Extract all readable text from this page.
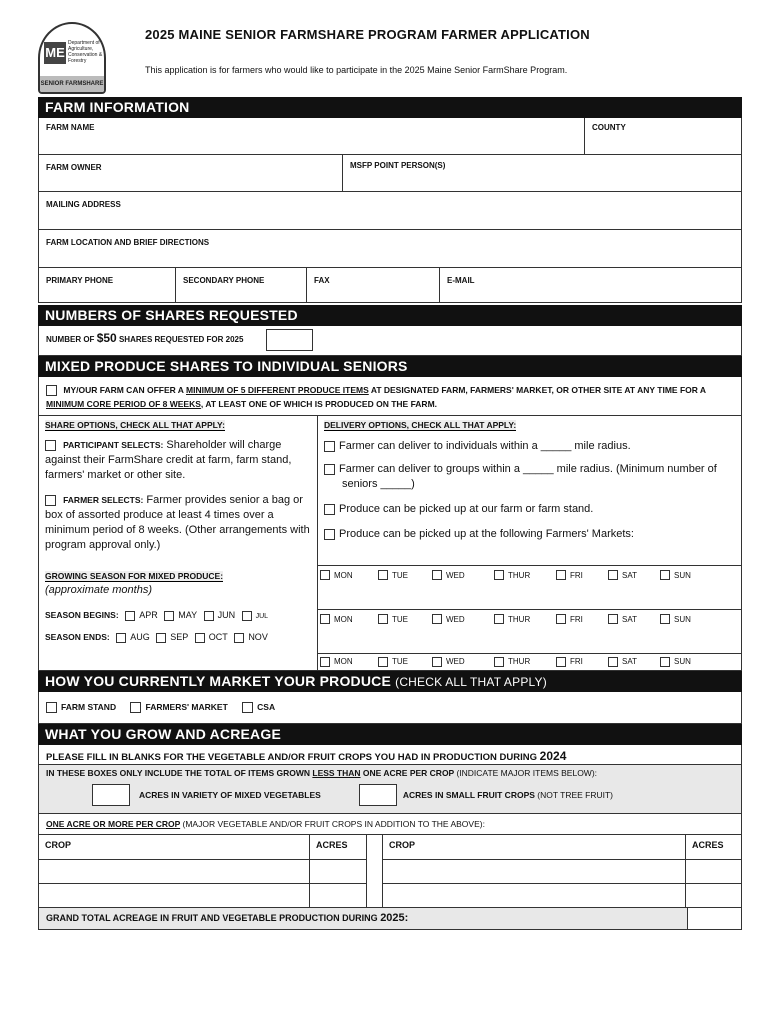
ME
Department of Agriculture, Conservation & Forestry
SENIOR FARMSHARE
2025 MAINE SENIOR FARMSHARE PROGRAM FARMER APPLICATION
This application is for farmers who would like to participate in the 2025 Maine Senior FarmShare Program.
FARM INFORMATION
FARM NAME	COUNTY
FARM OWNER	MSFP POINT PERSON(S)
MAILING ADDRESS
FARM LOCATION AND BRIEF DIRECTIONS
PRIMARY PHONE	SECONDARY PHONE	FAX	E-MAIL
NUMBERS OF SHARES REQUESTED
NUMBER OF $50 SHARES REQUESTED FOR 2025
MIXED PRODUCE SHARES TO INDIVIDUAL SENIORS
MY/OUR FARM CAN OFFER A MINIMUM OF 5 DIFFERENT PRODUCE ITEMS AT DESIGNATED FARM, FARMERS' MARKET, OR OTHER SITE AT ANY TIME FOR A MINIMUM CORE PERIOD OF 8 WEEKS, AT LEAST ONE OF WHICH IS PRODUCED ON THE FARM.
SHARE OPTIONS, CHECK ALL THAT APPLY:
PARTICIPANT SELECTS: Shareholder will charge against their FarmShare credit at farm, farm stand, farmers' market or other site.
FARMER SELECTS: Farmer provides senior a bag or box of assorted produce at least 4 times over a minimum period of 8 weeks. (Other arrangements with program approval only.)
GROWING SEASON FOR MIXED PRODUCE:
(approximate months)
SEASON BEGINS: APR MAY JUN	JUL
SEASON ENDS: AUG SEP OCT NOV
DELIVERY OPTIONS, CHECK ALL THAT APPLY:
Farmer can deliver to individuals within a _____ mile radius.
Farmer can deliver to groups within a _____ mile radius. (Minimum number of seniors _____)
Produce can be picked up at our farm or farm stand.
Produce can be picked up at the following Farmers' Markets:
MON	TUE	WED	THUR	FRI	SAT	SUN
MON	TUE	WED	THUR	FRI	SAT	SUN
MON	TUE	WED	THUR	FRI	SAT	SUN
HOW YOU CURRENTLY MARKET YOUR PRODUCE (CHECK ALL THAT APPLY)
FARM STAND	FARMERS' MARKET	CSA
WHAT YOU GROW AND ACREAGE
PLEASE FILL IN BLANKS FOR THE VEGETABLE AND/OR FRUIT CROPS YOU HAD IN PRODUCTION DURING 2024
IN THESE BOXES ONLY INCLUDE THE TOTAL OF ITEMS GROWN LESS THAN ONE ACRE PER CROP (INDICATE MAJOR ITEMS BELOW):
ACRES IN VARIETY OF MIXED VEGETABLES	ACRES IN SMALL FRUIT CROPS
(NOT TREE FRUIT)
ONE ACRE OR MORE PER CROP (MAJOR VEGETABLE AND/OR FRUIT CROPS IN ADDITION TO THE ABOVE):
CROP	ACRES	CROP	ACRES
GRAND TOTAL ACREAGE IN FRUIT AND VEGETABLE PRODUCTION DURING 2025:
